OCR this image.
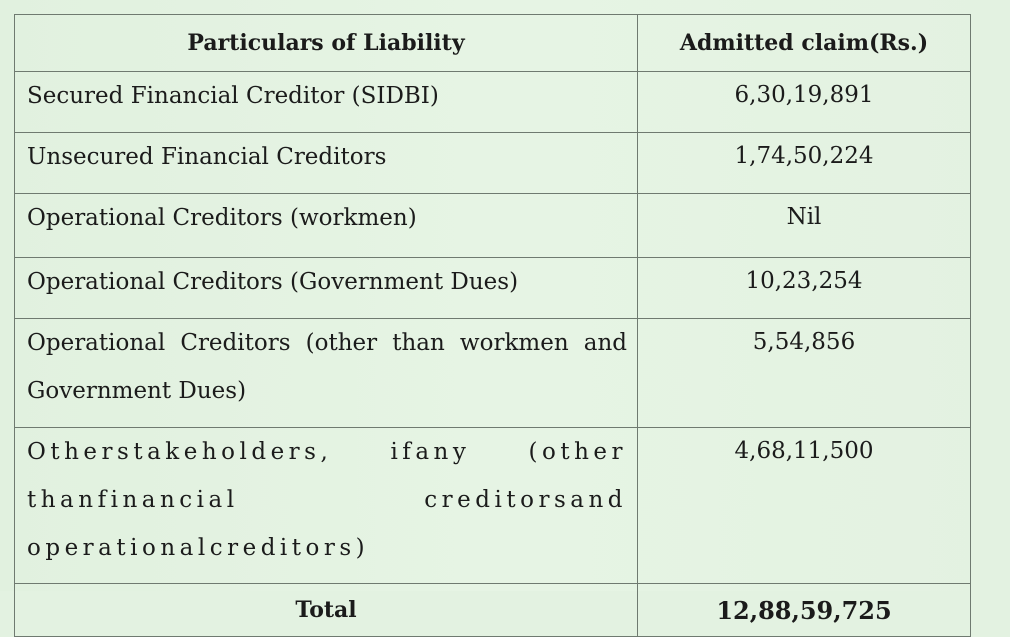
Particulars of Liability	Admitted claim(Rs.)
Secured Financial Creditor (SIDBI)	6,30,19,891
Unsecured Financial Creditors	1,74,50,224
Operational Creditors (workmen)	Nil
Operational Creditors (Government Dues)	10,23,254
Operational Creditors (other than workmen and Government Dues)	5,54,856
Otherstakeholders, ifany (other thanfinancial creditorsand operationalcreditors)	4,68,11,500
Total	12,88,59,725
